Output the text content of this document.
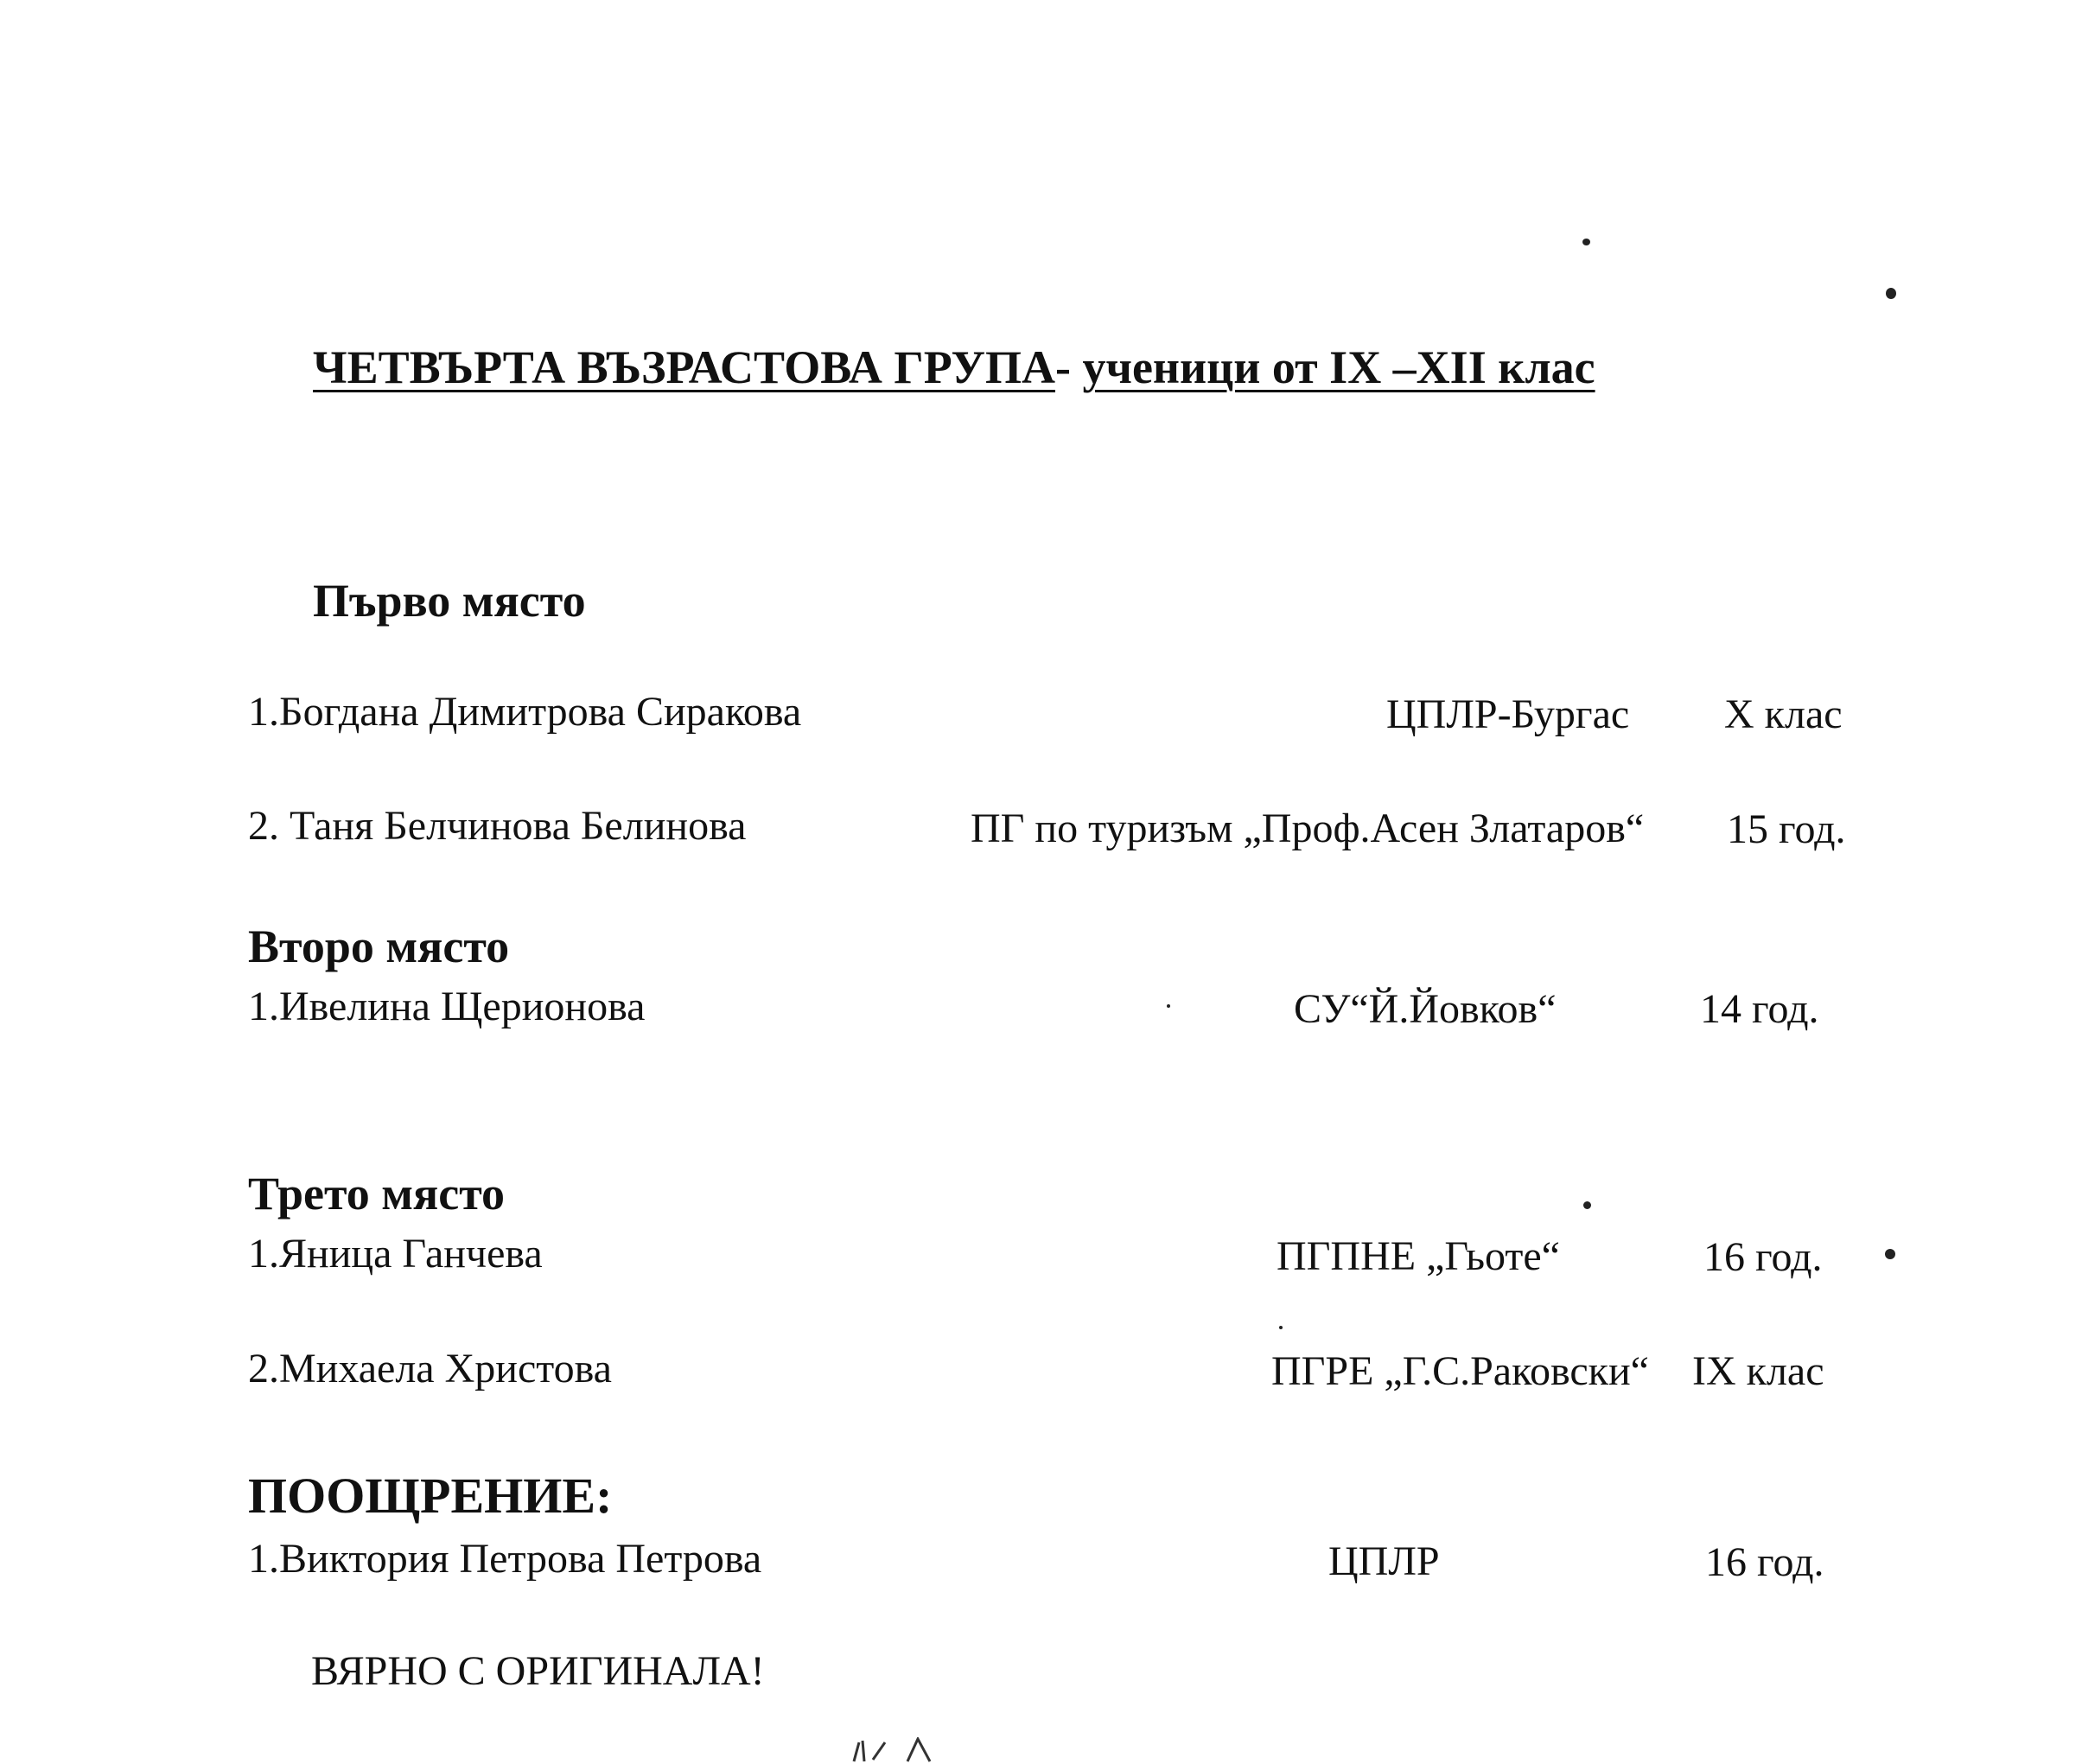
ЧЕТВЪРТА ВЪЗРАСТОВА ГРУПА- ученици от IX –XII клас
Първо място
1.Богдана Димитрова Сиракова	ЦПЛР-Бургас X клас
2. Таня Белчинова Белинова	ПГ по туризъм „Проф.Асен Златаров“ 15 год.
Второ място
1.Ивелина Щерионова	СУ“Й.Йовков“	14 год.
Трето място
1.Яница Ганчева	ПГПНЕ „Гьоте“	16 год.
2.Михаела Христова	ПГРЕ „Г.С.Раковски“ IX клас
ПООЩРЕНИЕ:
1.Виктория Петрова Петрова	ЦПЛР	16 год.
ВЯРНО С ОРИГИНАЛА!
